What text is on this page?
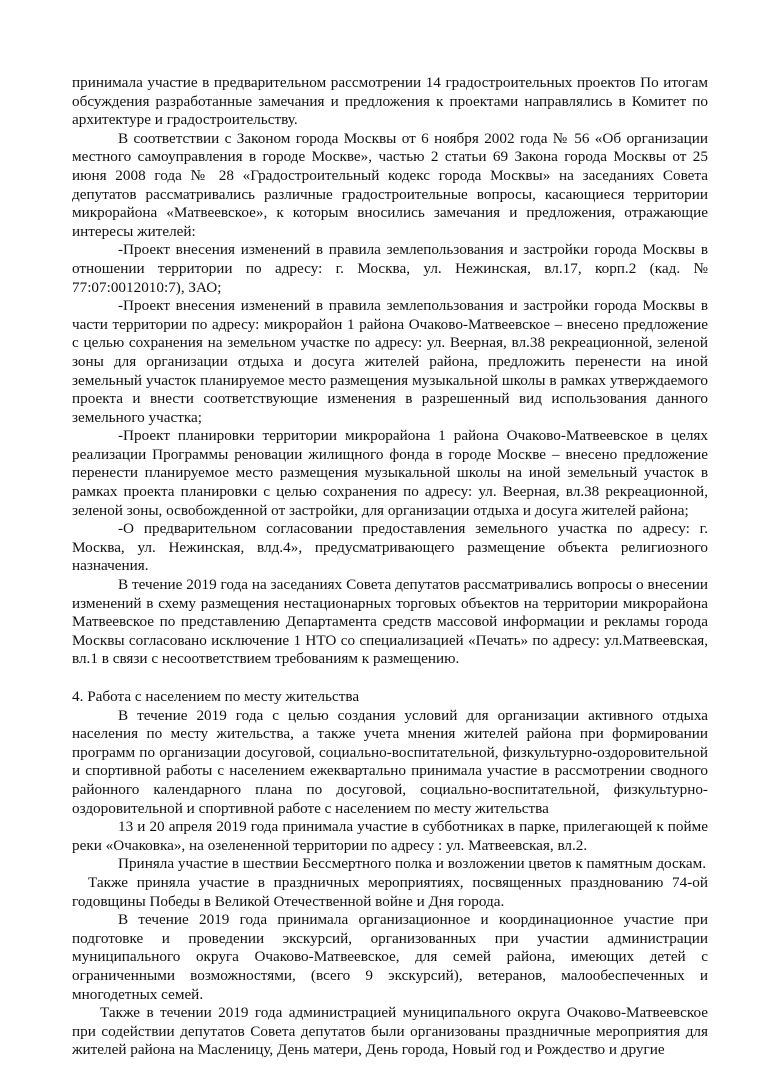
принимала участие в предварительном рассмотрении 14 градостроительных проектов По итогам обсуждения разработанные замечания и предложения к проектами направлялись в Комитет по архитектуре и градостроительству.

В соответствии с Законом города Москвы от 6 ноября 2002 года № 56 «Об организации местного самоуправления в городе Москве», частью 2 статьи 69 Закона города Москвы от 25 июня 2008 года № 28 «Градостроительный кодекс города Москвы» на заседаниях Совета депутатов рассматривались различные градостроительные вопросы, касающиеся территории микрорайона «Матвеевское», к которым вносились замечания и предложения, отражающие интересы жителей:

-Проект внесения изменений в правила землепользования и застройки города Москвы в отношении территории по адресу: г. Москва, ул. Нежинская, вл.17, корп.2 (кад. № 77:07:0012010:7), ЗАО;

-Проект внесения изменений в правила землепользования и застройки города Москвы в части территории по адресу: микрорайон 1 района Очаково-Матвеевское – внесено предложение с целью сохранения на земельном участке по адресу: ул. Веерная, вл.38 рекреационной, зеленой зоны для организации отдыха и досуга жителей района, предложить перенести на иной земельный участок планируемое место размещения музыкальной школы в рамках утверждаемого проекта и внести соответствующие изменения в разрешенный вид использования данного земельного участка;

-Проект планировки территории микрорайона 1 района Очаково-Матвеевское в целях реализации Программы реновации жилищного фонда в городе Москве – внесено предложение перенести планируемое место размещения музыкальной школы на иной земельный участок в рамках проекта планировки с целью сохранения по адресу: ул. Веерная, вл.38 рекреационной, зеленой зоны, освобожденной от застройки, для организации отдыха и досуга жителей района;

-О предварительном согласовании предоставления земельного участка по адресу: г. Москва, ул. Нежинская, влд.4», предусматривающего размещение объекта религиозного назначения.

В течение 2019 года на заседаниях Совета депутатов рассматривались вопросы о внесении изменений в схему размещения нестационарных торговых объектов на территории микрорайона Матвеевское по представлению Департамента средств массовой информации и рекламы города Москвы согласовано исключение 1 НТО со специализацией «Печать» по адресу: ул.Матвеевская, вл.1 в связи с несоответствием требованиям к размещению.

4. Работа с населением по месту жительства

В течение 2019 года с целью создания условий для организации активного отдыха населения по месту жительства, а также учета мнения жителей района при формировании программ по организации досуговой, социально-воспитательной, физкультурно-оздоровительной и спортивной работы с населением ежеквартально принимала участие в рассмотрении сводного районного календарного плана по досуговой, социально-воспитательной, физкультурно-оздоровительной и спортивной работе с населением по месту жительства

13 и 20 апреля 2019 года принимала участие в субботниках в парке, прилегающей к пойме реки «Очаковка», на озелененной территории по адресу : ул. Матвеевская, вл.2.

Приняла участие в шествии Бессмертного полка и возложении цветов к памятным доскам.

Также приняла участие в праздничных мероприятиях, посвященных празднованию 74-ой годовщины Победы в Великой Отечественной войне и Дня города.

В течение 2019 года принимала организационное и координационное участие при подготовке и проведении экскурсий, организованных при участии администрации муниципального округа Очаково-Матвеевское, для семей района, имеющих детей с ограниченными возможностями, (всего 9 экскурсий), ветеранов, малообеспеченных и многодетных семей.

Также в течении 2019 года администрацией муниципального округа Очаково-Матвеевское при содействии депутатов Совета депутатов были организованы праздничные мероприятия для жителей района на Масленицу, День матери, День города, Новый год и Рождество и другие
